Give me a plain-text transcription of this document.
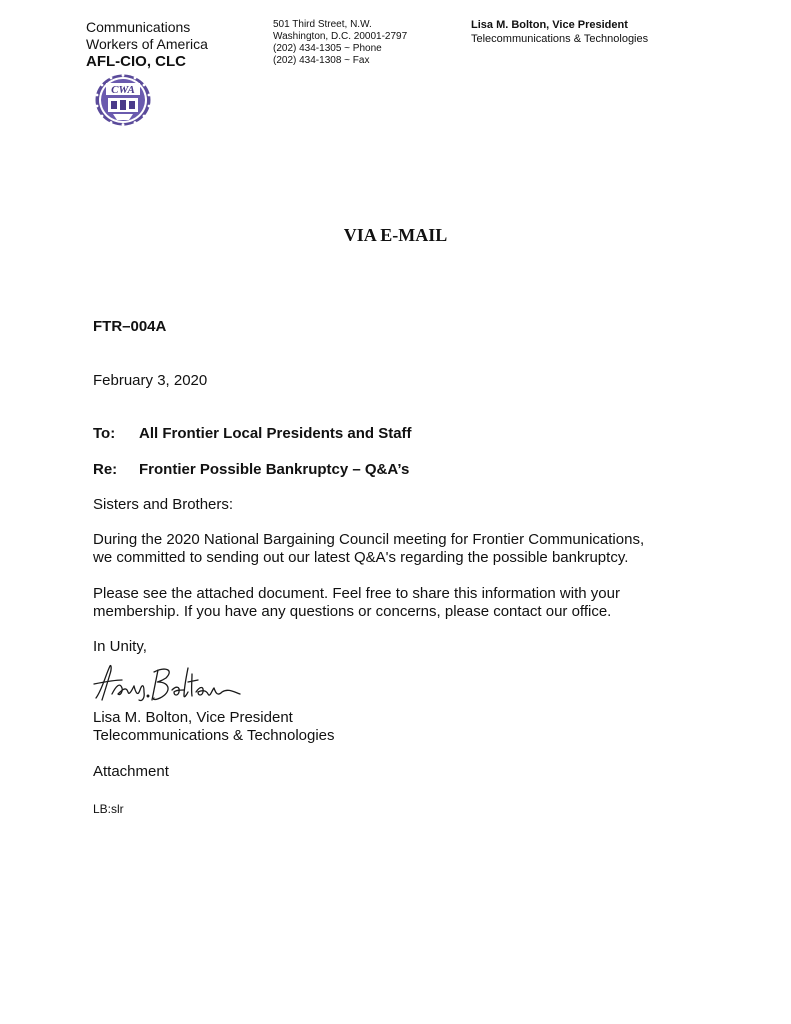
Communications
Workers of America
AFL-CIO, CLC
CWA
501 Third Street, N.W.
Washington, D.C. 20001-2797
(202) 434-1305 ~ Phone
(202) 434-1308 ~ Fax
Lisa M. Bolton, Vice President
Telecommunications & Technologies
VIA E-MAIL
FTR–004A
February 3, 2020
To: All Frontier Local Presidents and Staff
Re: Frontier Possible Bankruptcy – Q&A’s
Sisters and Brothers:
During the 2020 National Bargaining Council meeting for Frontier Communications,
we committed to sending out our latest Q&A's regarding the possible bankruptcy.
Please see the attached document. Feel free to share this information with your
membership. If you have any questions or concerns, please contact our office.
In Unity,
Lisa M. Bolton, Vice President
Telecommunications & Technologies
Attachment
LB:slr
